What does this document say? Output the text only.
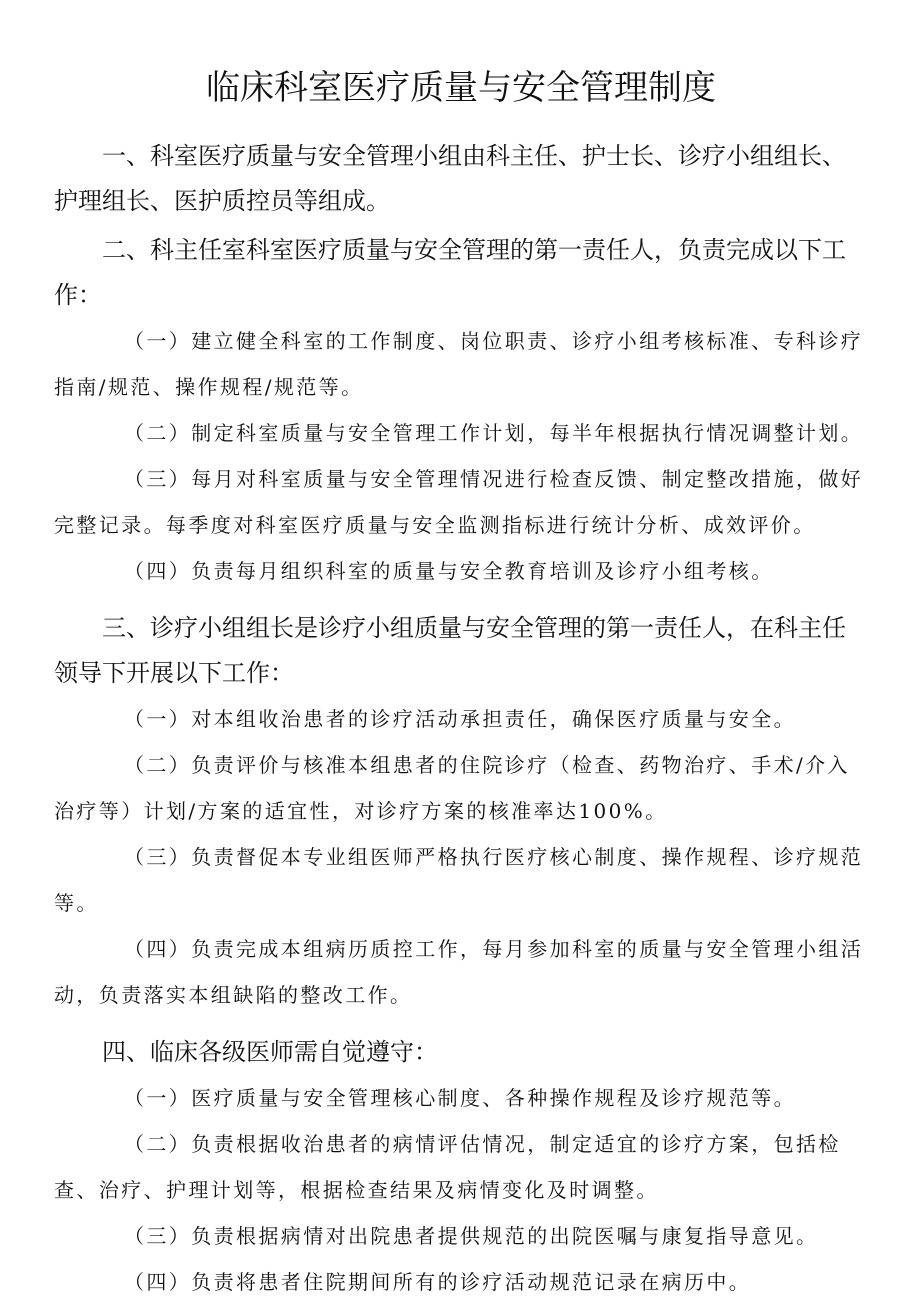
临床科室医疗质量与安全管理制度

一、科室医疗质量与安全管理小组由科主任、护士长、诊疗小组组长、护理组长、医护质控员等组成。

二、科主任室科室医疗质量与安全管理的第一责任人，负责完成以下工作：

（一）建立健全科室的工作制度、岗位职责、诊疗小组考核标准、专科诊疗指南/规范、操作规程/规范等。

（二）制定科室质量与安全管理工作计划，每半年根据执行情况调整计划。

（三）每月对科室质量与安全管理情况进行检查反馈、制定整改措施，做好完整记录。每季度对科室医疗质量与安全监测指标进行统计分析、成效评价。

（四）负责每月组织科室的质量与安全教育培训及诊疗小组考核。

三、诊疗小组组长是诊疗小组质量与安全管理的第一责任人，在科主任领导下开展以下工作：

（一）对本组收治患者的诊疗活动承担责任，确保医疗质量与安全。

（二）负责评价与核准本组患者的住院诊疗（检查、药物治疗、手术/介入治疗等）计划/方案的适宜性，对诊疗方案的核准率达100%。

（三）负责督促本专业组医师严格执行医疗核心制度、操作规程、诊疗规范等。

（四）负责完成本组病历质控工作，每月参加科室的质量与安全管理小组活动，负责落实本组缺陷的整改工作。

四、临床各级医师需自觉遵守：

（一）医疗质量与安全管理核心制度、各种操作规程及诊疗规范等。

（二）负责根据收治患者的病情评估情况，制定适宜的诊疗方案，包括检查、治疗、护理计划等，根据检查结果及病情变化及时调整。

（三）负责根据病情对出院患者提供规范的出院医嘱与康复指导意见。

（四）负责将患者住院期间所有的诊疗活动规范记录在病历中。
